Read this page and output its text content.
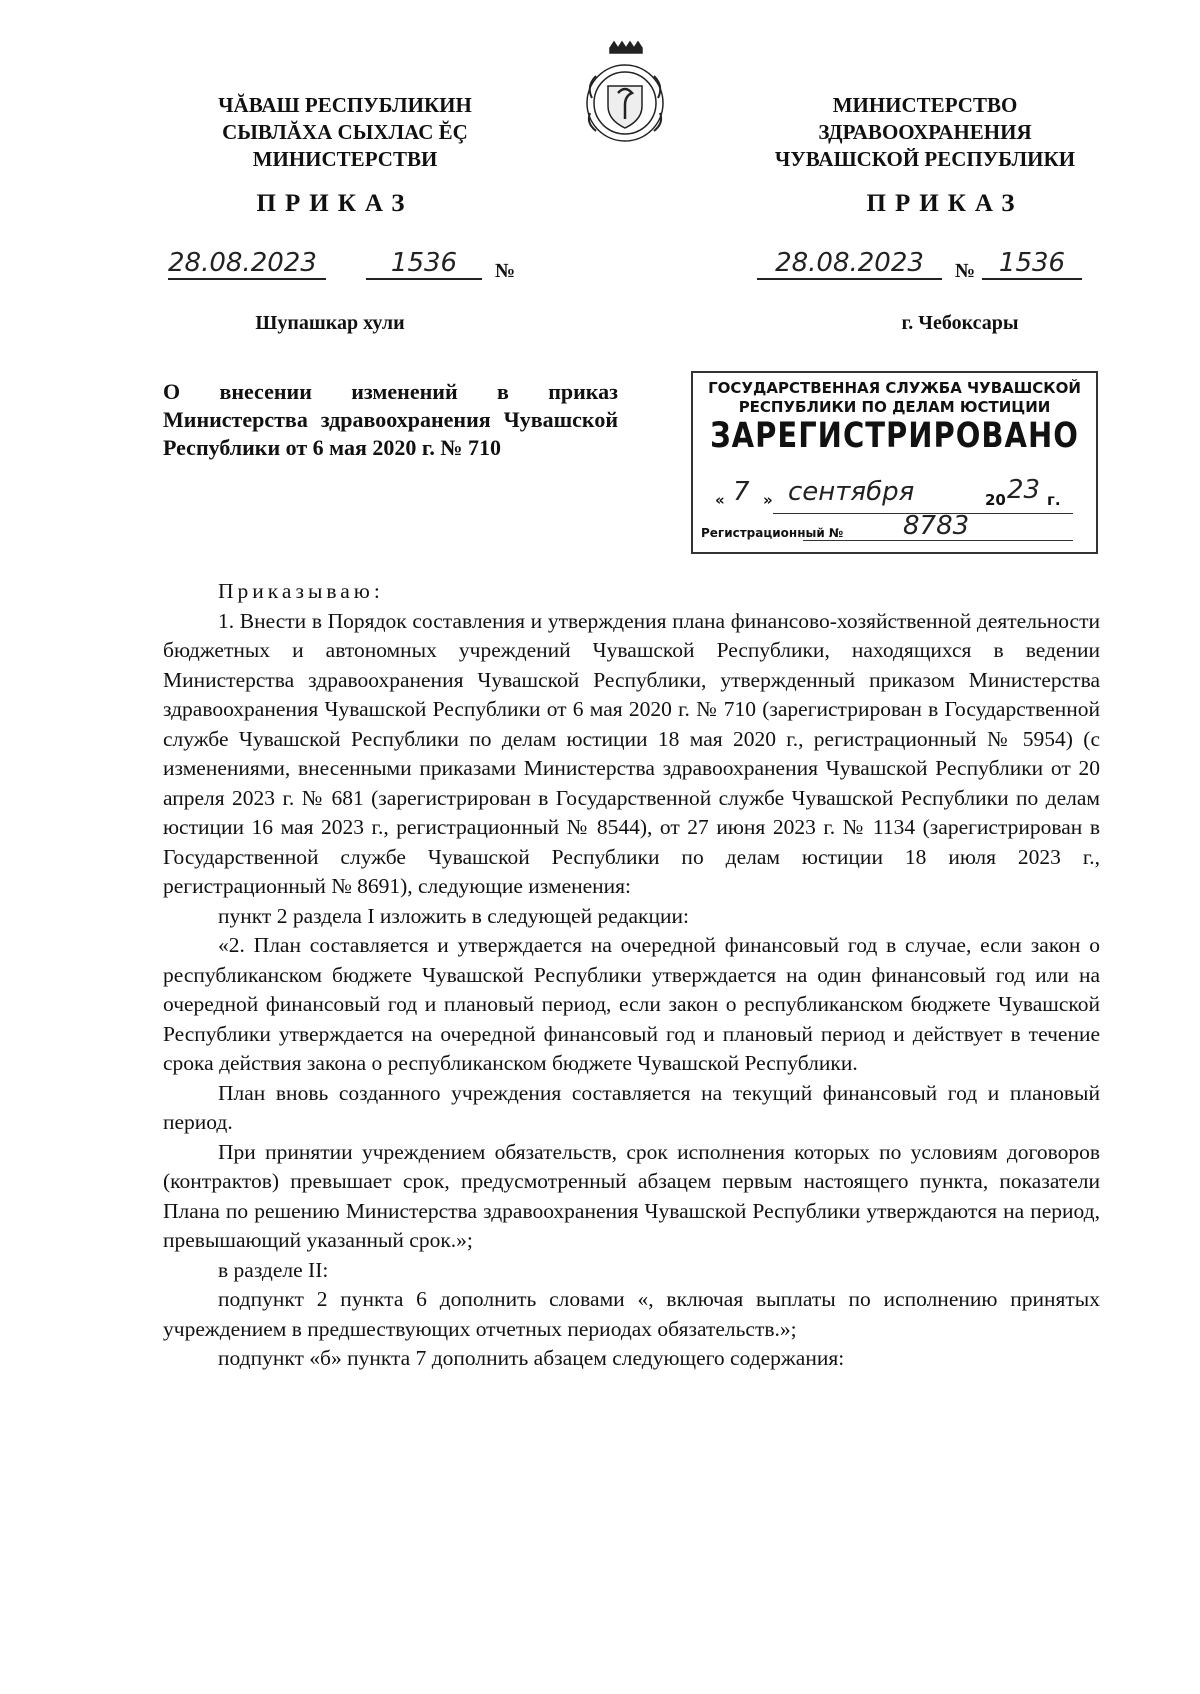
ЧĂВАШ РЕСПУБЛИКИН
СЫВЛĂХА СЫХЛАС ĔÇ
МИНИСТЕРСТВИ
МИНИСТЕРСТВО
ЗДРАВООХРАНЕНИЯ
ЧУВАШСКОЙ РЕСПУБЛИКИ
ПРИКАЗ	ПРИКАЗ
28.08.2023	1536	№	28.08.2023	№ 1536
Шупашкар хули	г. Чебоксары
О внесении изменений в приказ Министерства здравоохранения Чувашской Республики от 6 мая 2020 г. № 710
ГОСУДАРСТВЕННАЯ СЛУЖБА ЧУВАШСКОЙ
РЕСПУБЛИКИ ПО ДЕЛАМ ЮСТИЦИИ
ЗАРЕГИСТРИРОВАНО
« 7 » сентября	20 23 г.
Регистрационный № 8783

Приказываю:

1. Внести в Порядок составления и утверждения плана финансово-хозяйственной деятельности бюджетных и автономных учреждений Чувашской Республики, находящихся в ведении Министерства здравоохранения Чувашской Республики, утвержденный приказом Министерства здравоохранения Чувашской Республики от 6 мая 2020 г. № 710 (зарегистрирован в Государственной службе Чувашской Республики по делам юстиции 18 мая 2020 г., регистрационный № 5954) (с изменениями, внесенными приказами Министерства здравоохранения Чувашской Республики от 20 апреля 2023 г. № 681 (зарегистрирован в Государственной службе Чувашской Республики по делам юстиции 16 мая 2023 г., регистрационный № 8544), от 27 июня 2023 г. № 1134 (зарегистрирован в Государственной службе Чувашской Республики по делам юстиции 18 июля 2023 г., регистрационный № 8691), следующие изменения:

пункт 2 раздела I изложить в следующей редакции:

«2. План составляется и утверждается на очередной финансовый год в случае, если закон о республиканском бюджете Чувашской Республики утверждается на один финансовый год или на очередной финансовый год и плановый период, если закон о республиканском бюджете Чувашской Республики утверждается на очередной финансовый год и плановый период и действует в течение срока действия закона о республиканском бюджете Чувашской Республики.

План вновь созданного учреждения составляется на текущий финансовый год и плановый период.

При принятии учреждением обязательств, срок исполнения которых по условиям договоров (контрактов) превышает срок, предусмотренный абзацем первым настоящего пункта, показатели Плана по решению Министерства здравоохранения Чувашской Республики утверждаются на период, превышающий указанный срок.»;

в разделе II:

подпункт 2 пункта 6 дополнить словами «, включая выплаты по исполнению принятых учреждением в предшествующих отчетных периодах обязательств.»;

подпункт «б» пункта 7 дополнить абзацем следующего содержания:
